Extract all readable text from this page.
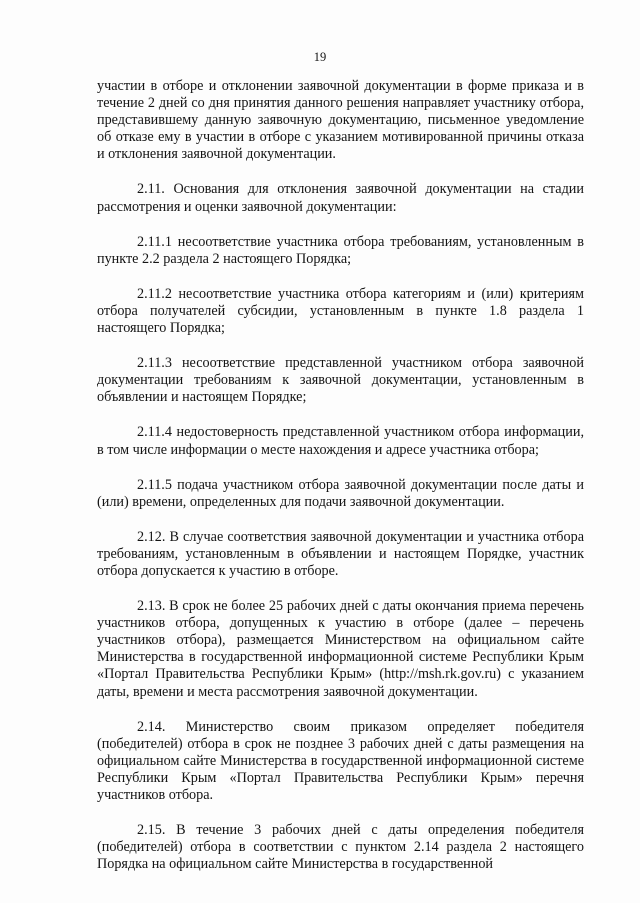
19

участии в отборе и отклонении заявочной документации в форме приказа и в течение 2 дней со дня принятия данного решения направляет участнику отбора, представившему данную заявочную документацию, письменное уведомление об отказе ему в участии в отборе с указанием мотивированной причины отказа и отклонения заявочной документации.

2.11. Основания для отклонения заявочной документации на стадии рассмотрения и оценки заявочной документации:

2.11.1 несоответствие участника отбора требованиям, установленным в пункте 2.2 раздела 2 настоящего Порядка;

2.11.2 несоответствие участника отбора категориям и (или) критериям отбора получателей субсидии, установленным в пункте 1.8 раздела 1 настоящего Порядка;

2.11.3 несоответствие представленной участником отбора заявочной документации требованиям к заявочной документации, установленным в объявлении и настоящем Порядке;

2.11.4 недостоверность представленной участником отбора информации, в том числе информации о месте нахождения и адресе участника отбора;

2.11.5 подача участником отбора заявочной документации после даты и (или) времени, определенных для подачи заявочной документации.

2.12. В случае соответствия заявочной документации и участника отбора требованиям, установленным в объявлении и настоящем Порядке, участник отбора допускается к участию в отборе.

2.13. В срок не более 25 рабочих дней с даты окончания приема перечень участников отбора, допущенных к участию в отборе (далее – перечень участников отбора), размещается Министерством на официальном сайте Министерства в государственной информационной системе Республики Крым «Портал Правительства Республики Крым» (http://msh.rk.gov.ru) с указанием даты, времени и места рассмотрения заявочной документации.

2.14. Министерство своим приказом определяет победителя (победителей) отбора в срок не позднее 3 рабочих дней с даты размещения на официальном сайте Министерства в государственной информационной системе Республики Крым «Портал Правительства Республики Крым» перечня участников отбора.

2.15. В течение 3 рабочих дней с даты определения победителя (победителей) отбора в соответствии с пунктом 2.14 раздела 2 настоящего Порядка на официальном сайте Министерства в государственной
